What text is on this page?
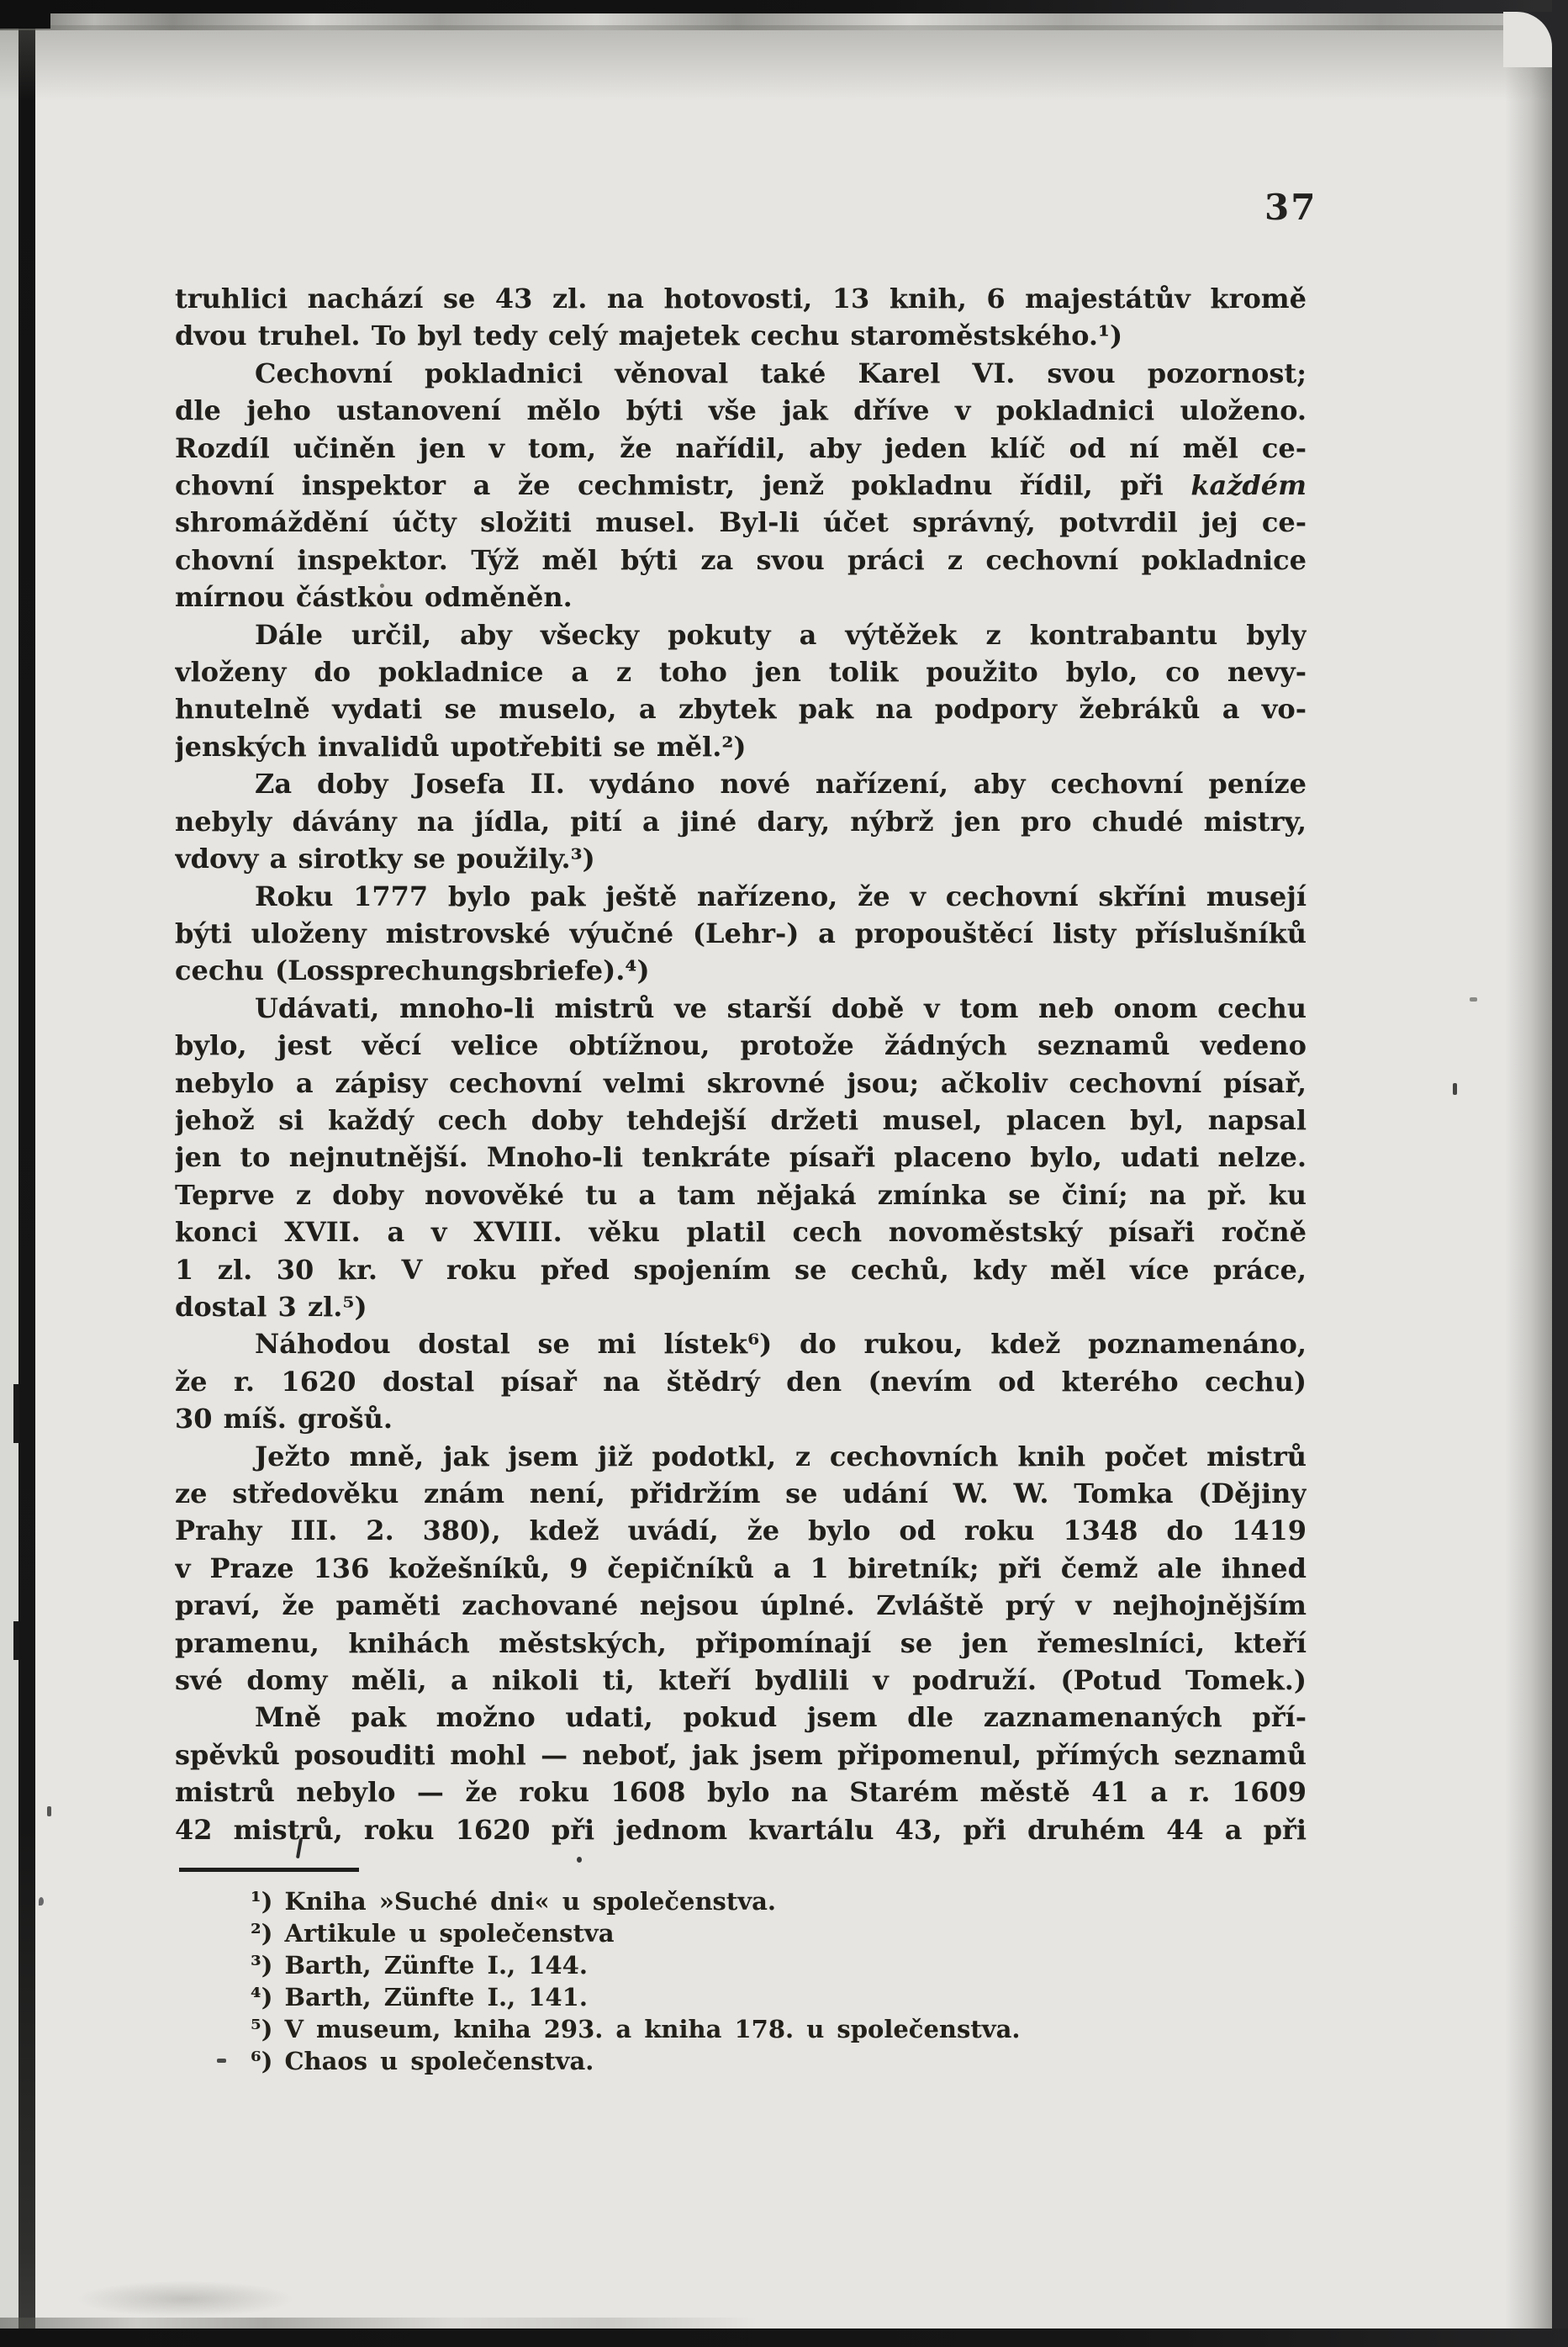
37
truhlici nachází se 43 zl. na hotovosti, 13 knih, 6 majestátův kromě
dvou truhel. To byl tedy celý majetek cechu staroměstského.¹)
Cechovní pokladnici věnoval také Karel VI. svou pozornost;
dle jeho ustanovení mělo býti vše jak dříve v pokladnici uloženo.
Rozdíl učiněn jen v tom, že nařídil, aby jeden klíč od ní měl ce-
chovní inspektor a že cechmistr, jenž pokladnu řídil, při každém
shromáždění účty složiti musel. Byl-li účet správný, potvrdil jej ce-
chovní inspektor. Týž měl býti za svou práci z cechovní pokladnice
mírnou částkou odměněn.
Dále určil, aby všecky pokuty a výtěžek z kontrabantu byly
vloženy do pokladnice a z toho jen tolik použito bylo, co nevy-
hnutelně vydati se muselo, a zbytek pak na podpory žebráků a vo-
jenských invalidů upotřebiti se měl.²)
Za doby Josefa II. vydáno nové nařízení, aby cechovní peníze
nebyly dávány na jídla, pití a jiné dary, nýbrž jen pro chudé mistry,
vdovy a sirotky se použily.³)
Roku 1777 bylo pak ještě nařízeno, že v cechovní skříni musejí
býti uloženy mistrovské výučné (Lehr-) a propouštěcí listy příslušníků
cechu (Lossprechungsbriefe).⁴)
Udávati, mnoho-li mistrů ve starší době v tom neb onom cechu
bylo, jest věcí velice obtížnou, protože žádných seznamů vedeno
nebylo a zápisy cechovní velmi skrovné jsou; ačkoliv cechovní písař,
jehož si každý cech doby tehdejší držeti musel, placen byl, napsal
jen to nejnutnější. Mnoho-li tenkráte písaři placeno bylo, udati nelze.
Teprve z doby novověké tu a tam nějaká zmínka se činí; na př. ku
konci XVII. a v XVIII. věku platil cech novoměstský písaři ročně
1 zl. 30 kr. V roku před spojením se cechů, kdy měl více práce,
dostal 3 zl.⁵)
Náhodou dostal se mi lístek⁶) do rukou, kdež poznamenáno,
že r. 1620 dostal písař na štědrý den (nevím od kterého cechu)
30 míš. grošů.
Ježto mně, jak jsem již podotkl, z cechovních knih počet mistrů
ze středověku znám není, přidržím se udání W. W. Tomka (Dějiny
Prahy III. 2. 380), kdež uvádí, že bylo od roku 1348 do 1419
v Praze 136 kožešníků, 9 čepičníků a 1 biretník; při čemž ale ihned
praví, že paměti zachované nejsou úplné. Zvláště prý v nejhojnějším
pramenu, knihách městských, připomínají se jen řemeslníci, kteří
své domy měli, a nikoli ti, kteří bydlili v podruží. (Potud Tomek.)
Mně pak možno udati, pokud jsem dle zaznamenaných pří-
spěvků posouditi mohl — neboť, jak jsem připomenul, přímých seznamů
mistrů nebylo — že roku 1608 bylo na Starém městě 41 a r. 1609
42 mistrů, roku 1620 při jednom kvartálu 43, při druhém 44 a při
¹) Kniha »Suché dni« u společenstva.
²) Artikule u společenstva
³) Barth, Zünfte I., 144.
⁴) Barth, Zünfte I., 141.
⁵) V museum, kniha 293. a kniha 178. u společenstva.
⁶) Chaos u společenstva.
